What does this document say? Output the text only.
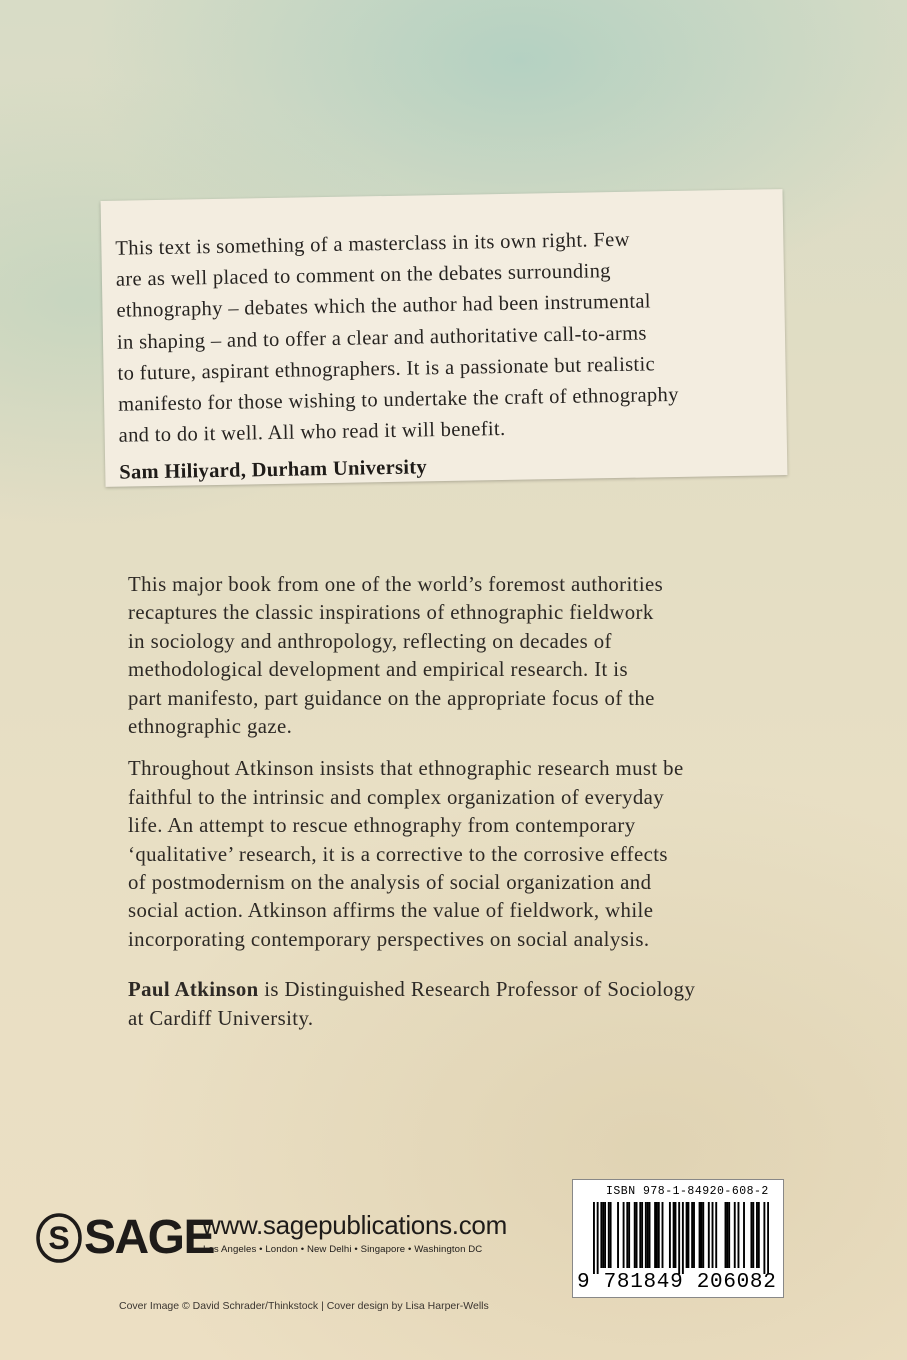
This text is something of a masterclass in its own right. Few
are as well placed to comment on the debates surrounding
ethnography – debates which the author had been instrumental
in shaping – and to offer a clear and authoritative call-to-arms
to future, aspirant ethnographers. It is a passionate but realistic
manifesto for those wishing to undertake the craft of ethnography
and to do it well. All who read it will benefit.

Sam Hiliyard, Durham University

This major book from one of the world’s foremost authorities
recaptures the classic inspirations of ethnographic fieldwork
in sociology and anthropology, reflecting on decades of
methodological development and empirical research. It is
part manifesto, part guidance on the appropriate focus of the
ethnographic gaze.

Throughout Atkinson insists that ethnographic research must be
faithful to the intrinsic and complex organization of everyday
life. An attempt to rescue ethnography from contemporary
‘qualitative’ research, it is a corrective to the corrosive effects
of postmodernism on the analysis of social organization and
social action. Atkinson affirms the value of fieldwork, while
incorporating contemporary perspectives on social analysis.

Paul Atkinson is Distinguished Research Professor of Sociology
at Cardiff University.

S SAGE
www.sagepublications.com
Los Angeles • London • New Delhi • Singapore • Washington DC
Cover Image © David Schrader/Thinkstock | Cover design by Lisa Harper-Wells
ISBN 978-1-84920-608-2
9 781849 206082
